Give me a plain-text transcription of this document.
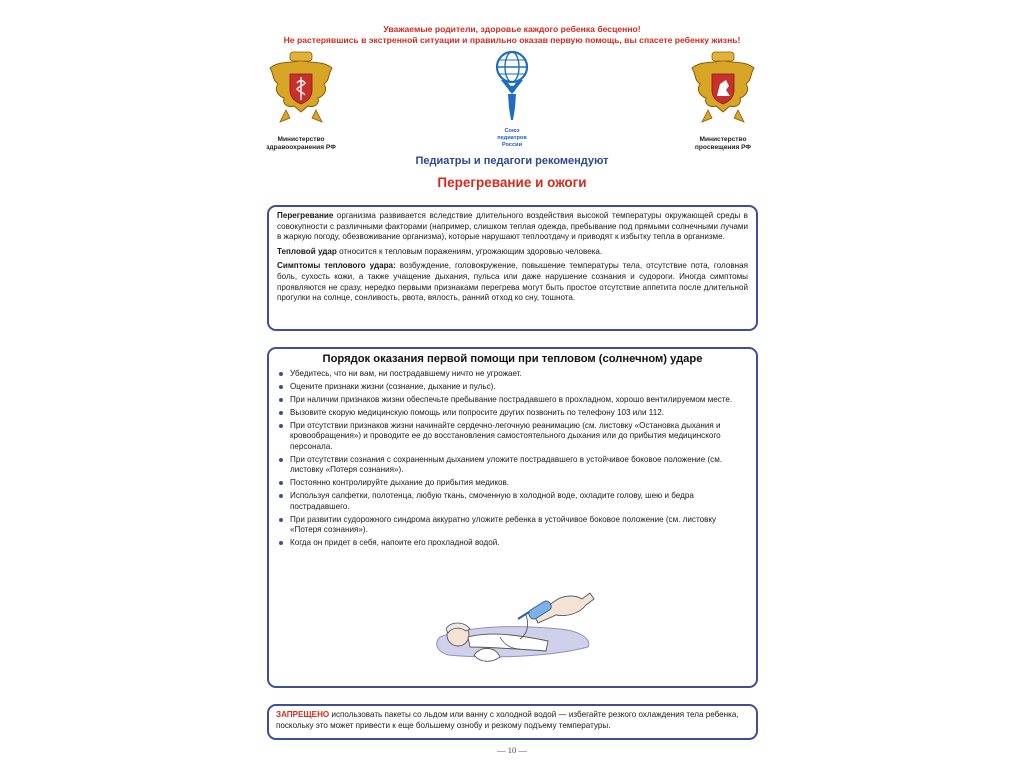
Уважаемые родители, здоровье каждого ребенка бесценно!
Не растерявшись в экстренной ситуации и правильно оказав первую помощь, вы спасете ребенку жизнь!
Министерство
здравоохранения РФ
Союз
педиатров
России
Министерство
просвещения РФ
Педиатры и педагоги рекомендуют
Перегревание и ожоги

Перегревание организма развивается вследствие длительного воздействия высокой температуры окружающей среды в совокупности с различными факторами (например, слишком теплая одежда, пребывание под прямыми солнечными лучами в жаркую погоду, обезвоживание организма), которые нарушают теплоотдачу и приводят к избытку тепла в организме.

Тепловой удар относится к тепловым поражениям, угрожающим здоровью человека.

Симптомы теплового удара: возбуждение, головокружение, повышение температуры тела, отсутствие пота, головная боль, сухость кожи, а также учащение дыхания, пульса или даже нарушение сознания и судороги. Иногда симптомы проявляются не сразу, нередко первыми признаками перегрева могут быть простое отсутствие аппетита после длительной прогулки на солнце, сонливость, рвота, вялость, ранний отход ко сну, тошнота.

Порядок оказания первой помощи при тепловом (солнечном) ударе
Убедитесь, что ни вам, ни пострадавшему ничто не угрожает.
Оцените признаки жизни (сознание, дыхание и пульс).
При наличии признаков жизни обеспечьте пребывание пострадавшего в прохладном, хорошо вентилируемом месте.
Вызовите скорую медицинскую помощь или попросите других позвонить по телефону 103 или 112.
При отсутствии признаков жизни начинайте сердечно-легочную реанимацию (см. листовку «Остановка дыхания и кровообращения») и проводите ее до восстановления самостоятельного дыхания или до прибытия медицинского персонала.
При отсутствии сознания с сохраненным дыханием уложите пострадавшего в устойчивое боковое положение (см. листовку «Потеря сознания»).
Постоянно контролируйте дыхание до прибытия медиков.
Используя салфетки, полотенца, любую ткань, смоченную в холодной воде, охладите голову, шею и бедра пострадавшего.
При развитии судорожного синдрома аккуратно уложите ребенка в устойчивое боковое положение (см. листовку «Потеря сознания»).
Когда он придет в себя, напоите его прохладной водой.
ЗАПРЕЩЕНО использовать пакеты со льдом или ванну с холодной водой — избегайте резкого охлаждения тела ребенка, поскольку это может привести к еще большему ознобу и резкому подъему температуры.
— 10 —
